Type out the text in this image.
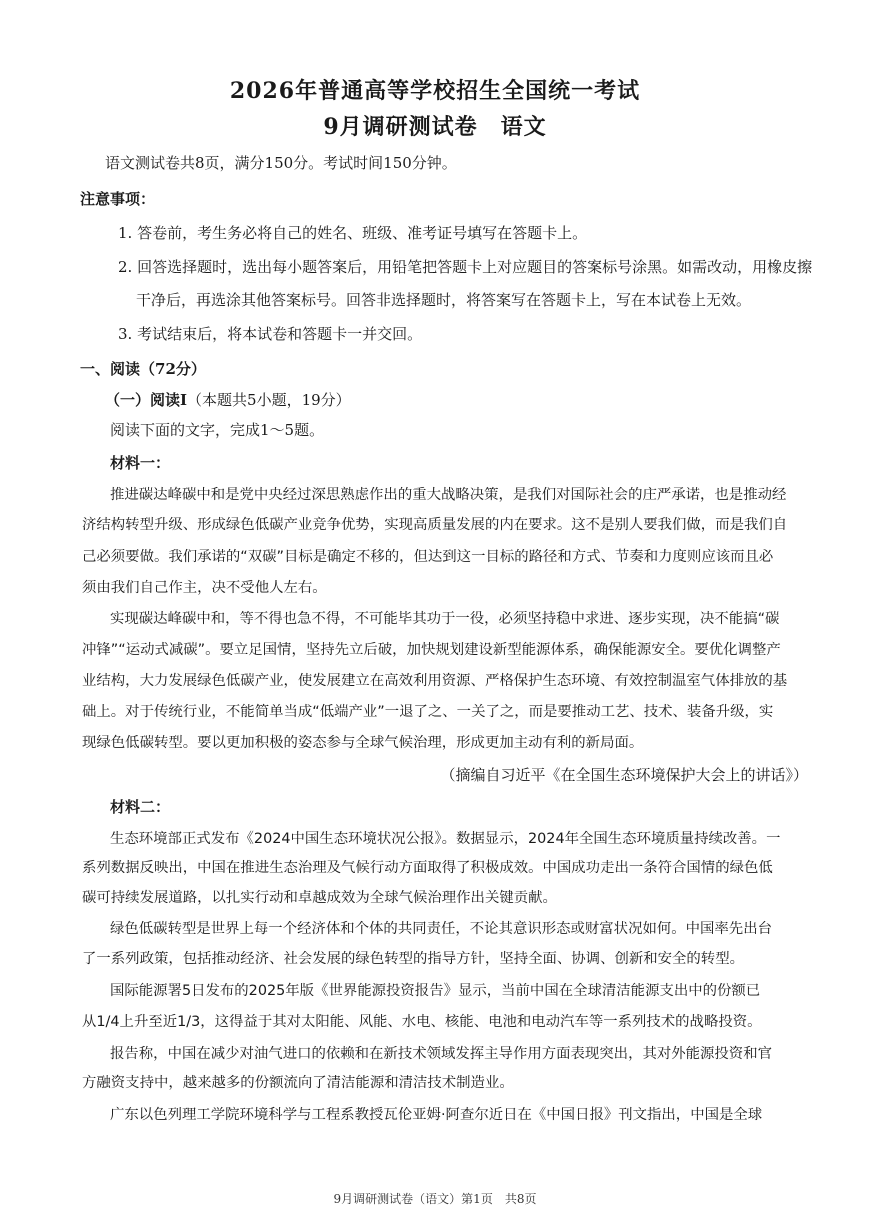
2026年普通高等学校招生全国统一考试
9月调研测试卷　语文
语文测试卷共8页，满分150分。考试时间150分钟。
注意事项：
1. 答卷前，考生务必将自己的姓名、班级、准考证号填写在答题卡上。
2. 回答选择题时，选出每小题答案后，用铅笔把答题卡上对应题目的答案标号涂黑。如需改动，用橡皮擦
干净后，再选涂其他答案标号。回答非选择题时，将答案写在答题卡上，写在本试卷上无效。
3. 考试结束后，将本试卷和答题卡一并交回。
一、阅读（72分）
（一）阅读Ⅰ（本题共5小题，19分）
阅读下面的文字，完成1～5题。
材料一：
推进碳达峰碳中和是党中央经过深思熟虑作出的重大战略决策，是我们对国际社会的庄严承诺，也是推动经
济结构转型升级、形成绿色低碳产业竞争优势，实现高质量发展的内在要求。这不是别人要我们做，而是我们自
己必须要做。我们承诺的“双碳”目标是确定不移的，但达到这一目标的路径和方式、节奏和力度则应该而且必
须由我们自己作主，决不受他人左右。
实现碳达峰碳中和，等不得也急不得，不可能毕其功于一役，必须坚持稳中求进、逐步实现，决不能搞“碳
冲锋”“运动式减碳”。要立足国情，坚持先立后破，加快规划建设新型能源体系，确保能源安全。要优化调整产
业结构，大力发展绿色低碳产业，使发展建立在高效利用资源、严格保护生态环境、有效控制温室气体排放的基
础上。对于传统行业，不能简单当成“低端产业”一退了之、一关了之，而是要推动工艺、技术、装备升级，实
现绿色低碳转型。要以更加积极的姿态参与全球气候治理，形成更加主动有利的新局面。
（摘编自习近平《在全国生态环境保护大会上的讲话》）
材料二：
生态环境部正式发布《2024中国生态环境状况公报》。数据显示，2024年全国生态环境质量持续改善。一
系列数据反映出，中国在推进生态治理及气候行动方面取得了积极成效。中国成功走出一条符合国情的绿色低
碳可持续发展道路，以扎实行动和卓越成效为全球气候治理作出关键贡献。
绿色低碳转型是世界上每一个经济体和个体的共同责任，不论其意识形态或财富状况如何。中国率先出台
了一系列政策，包括推动经济、社会发展的绿色转型的指导方针，坚持全面、协调、创新和安全的转型。
国际能源署5日发布的2025年版《世界能源投资报告》显示，当前中国在全球清洁能源支出中的份额已
从1/4上升至近1/3，这得益于其对太阳能、风能、水电、核能、电池和电动汽车等一系列技术的战略投资。
报告称，中国在减少对油气进口的依赖和在新技术领域发挥主导作用方面表现突出，其对外能源投资和官
方融资支持中，越来越多的份额流向了清洁能源和清洁技术制造业。
广东以色列理工学院环境科学与工程系教授瓦伦亚姆·阿查尔近日在《中国日报》刊文指出，中国是全球
9月调研测试卷（语文）第1页　共8页
